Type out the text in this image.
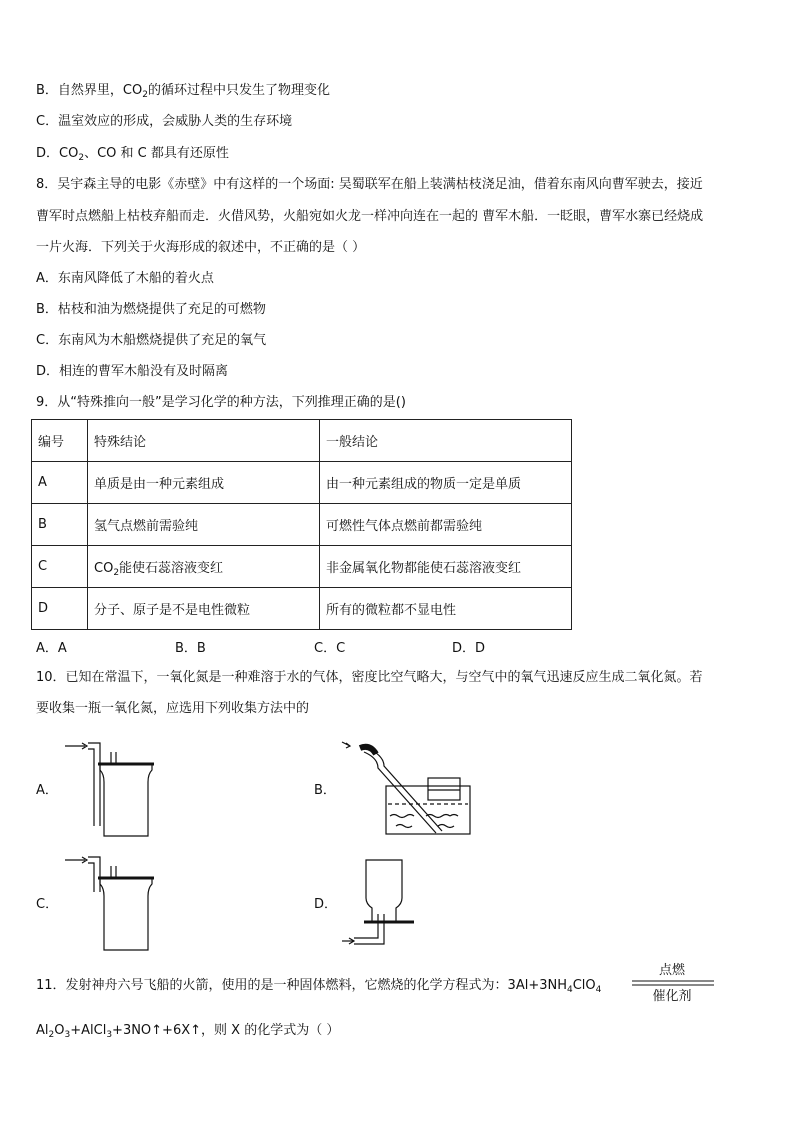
B．自然界里，$CO_2$的循环过程中只发生了物理变化
C．温室效应的形成，会威胁人类的生存环境
D．$CO_2$、CO 和 C 都具有还原性
8．吴宇森主导的电影《赤壁》中有这样的一个场面: 吴蜀联军在船上装满枯枝浇足油，借着东南风向曹军驶去，接近
曹军时点燃船上枯枝弃船而走．火借风势，火船宛如火龙一样冲向连在一起的 曹军木船．一眨眼，曹军水寨已经烧成
一片火海．下列关于火海形成的叙述中，不正确的是（ ）
A．东南风降低了木船的着火点
B．枯枝和油为燃烧提供了充足的可燃物
C．东南风为木船燃烧提供了充足的氧气
D．相连的曹军木船没有及时隔离
9．从“特殊推向一般”是学习化学的种方法，下列推理正确的是()
编号	特殊结论	一般结论
A	单质是由一种元素组成	由一种元素组成的物质一定是单质
B	氢气点燃前需验纯	可燃性气体点燃前都需验纯
C	$CO_2$能使石蕊溶液变红	非金属氧化物都能使石蕊溶液变红
D	分子、原子是不是电性微粒	所有的微粒都不显电性
A．A	B．B	C．C	D．D
10．已知在常温下，一氧化氮是一种难溶于水的气体，密度比空气略大，与空气中的氧气迅速反应生成二氧化氮。若
要收集一瓶一氧化氮，应选用下列收集方法中的
A．	B．
C．	D．
11．发射神舟六号飞船的火箭，使用的是一种固体燃料，它燃烧的化学方程式为：$3Al+3NH_4ClO_4$
点燃
催化剂
$Al_2O_3+AlCl_3+3NO↑+6X↑$，则 X 的化学式为（ ）
